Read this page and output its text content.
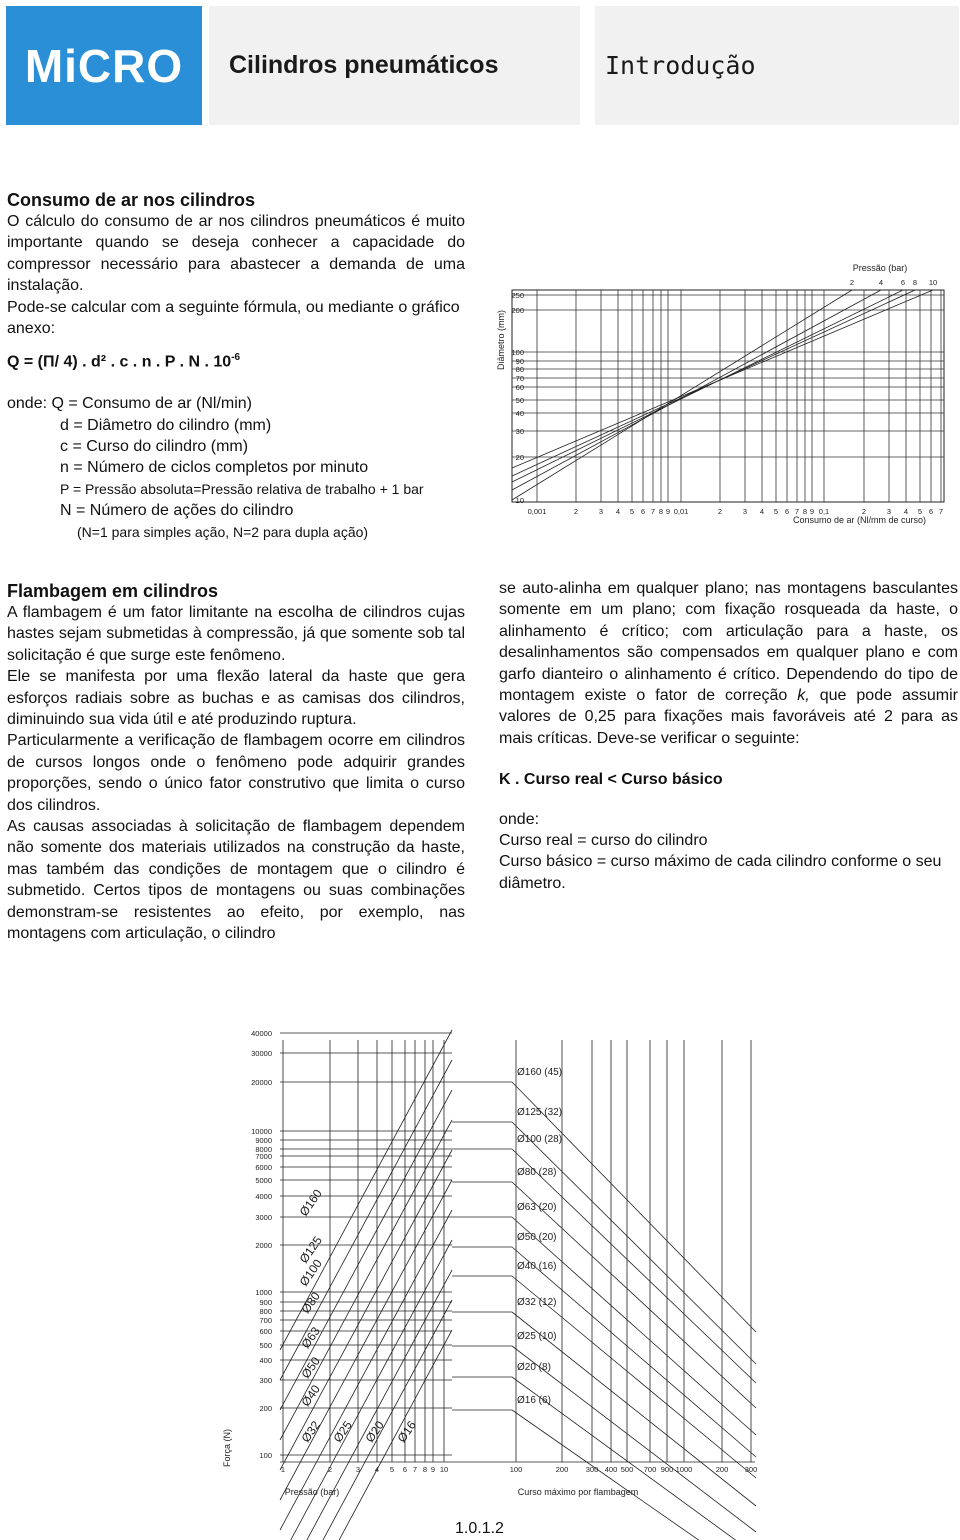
MiCRO	Cilindros pneumáticos	Introdução
Consumo de ar nos cilindros

O cálculo do consumo de ar nos cilindros pneumáticos é muito importante quando se deseja conhecer a capacidade do compressor necessário para abastecer a demanda de uma instalação.

Pode-se calcular com a seguinte fórmula, ou mediante o gráfico anexo:

Q = (Π/ 4) . d² . c . n . P . N . $10^{-6}$

onde: Q = Consumo de ar (Nl/min)

d = Diâmetro do cilindro (mm)

c = Curso do cilindro (mm)

n = Número de ciclos completos por minuto

P = Pressão absoluta=Pressão relativa de trabalho + 1 bar

N = Número de ações do cilindro

(N=1 para simples ação, N=2 para dupla ação)

Diâmetro (mm)
250
200
100
90
80
70
60
50
40
30
20
10
0,001	2	3 4 5 6 7 8 9 0,01	2	3 4 5 6 7 8 9 0,1	2	3 4 5 6 7
Consumo de ar (Nl/mm de curso)
Pressão (bar)
2	4 6 8 10
Flambagem em cilindros

A flambagem é um fator limitante na escolha de cilindros cujas hastes sejam submetidas à compressão, já que somente sob tal solicitação é que surge este fenômeno.

Ele se manifesta por uma flexão lateral da haste que gera esforços radiais sobre as buchas e as camisas dos cilindros, diminuindo sua vida útil e até produzindo ruptura.

Particularmente a verificação de flambagem ocorre em cilindros de cursos longos onde o fenômeno pode adquirir grandes proporções, sendo o único fator construtivo que limita o curso dos cilindros.

As causas associadas à solicitação de flambagem dependem não somente dos materiais utilizados na construção da haste, mas também das condições de montagem que o cilindro é submetido. Certos tipos de montagens ou suas combinações demonstram-se resistentes ao efeito, por exemplo, nas montagens com articulação, o cilindro

se auto-alinha em qualquer plano; nas montagens basculantes somente em um plano; com fixação rosqueada da haste, o alinhamento é crítico; com articulação para a haste, os desalinhamentos são compensados em qualquer plano e com garfo dianteiro o alinhamento é crítico. Dependendo do tipo de montagem existe o fator de correção k, que pode assumir valores de 0,25 para fixações mais favoráveis até 2 para as mais críticas. Deve-se verificar o seguinte:

K . Curso real < Curso básico

onde:

Curso real = curso do cilindro

Curso básico = curso máximo de cada cilindro conforme o seu diâmetro.

Força (N)
40000
30000
20000
10000
9000
8000
7000
6000
5000
4000
3000
2000
1000
900
800
700
600
500
400
300
200
100
1	2	3 4 5 6 7 8 9 10	100	200 300 400 500 700 900 1000	200 300
Pressão (bar)	Curso máximo por flambagem
Ø160
Ø125
Ø100
Ø80
Ø63
Ø50
Ø40
Ø32 Ø25 Ø20 Ø16
Ø160 (45)
Ø125 (32)
Ø100 (28)
Ø80 (28)
Ø63 (20)
Ø50 (20)
Ø40 (16)
Ø32 (12)
Ø25 (10)
Ø20 (8)
Ø16 (6)
1.0.1.2
